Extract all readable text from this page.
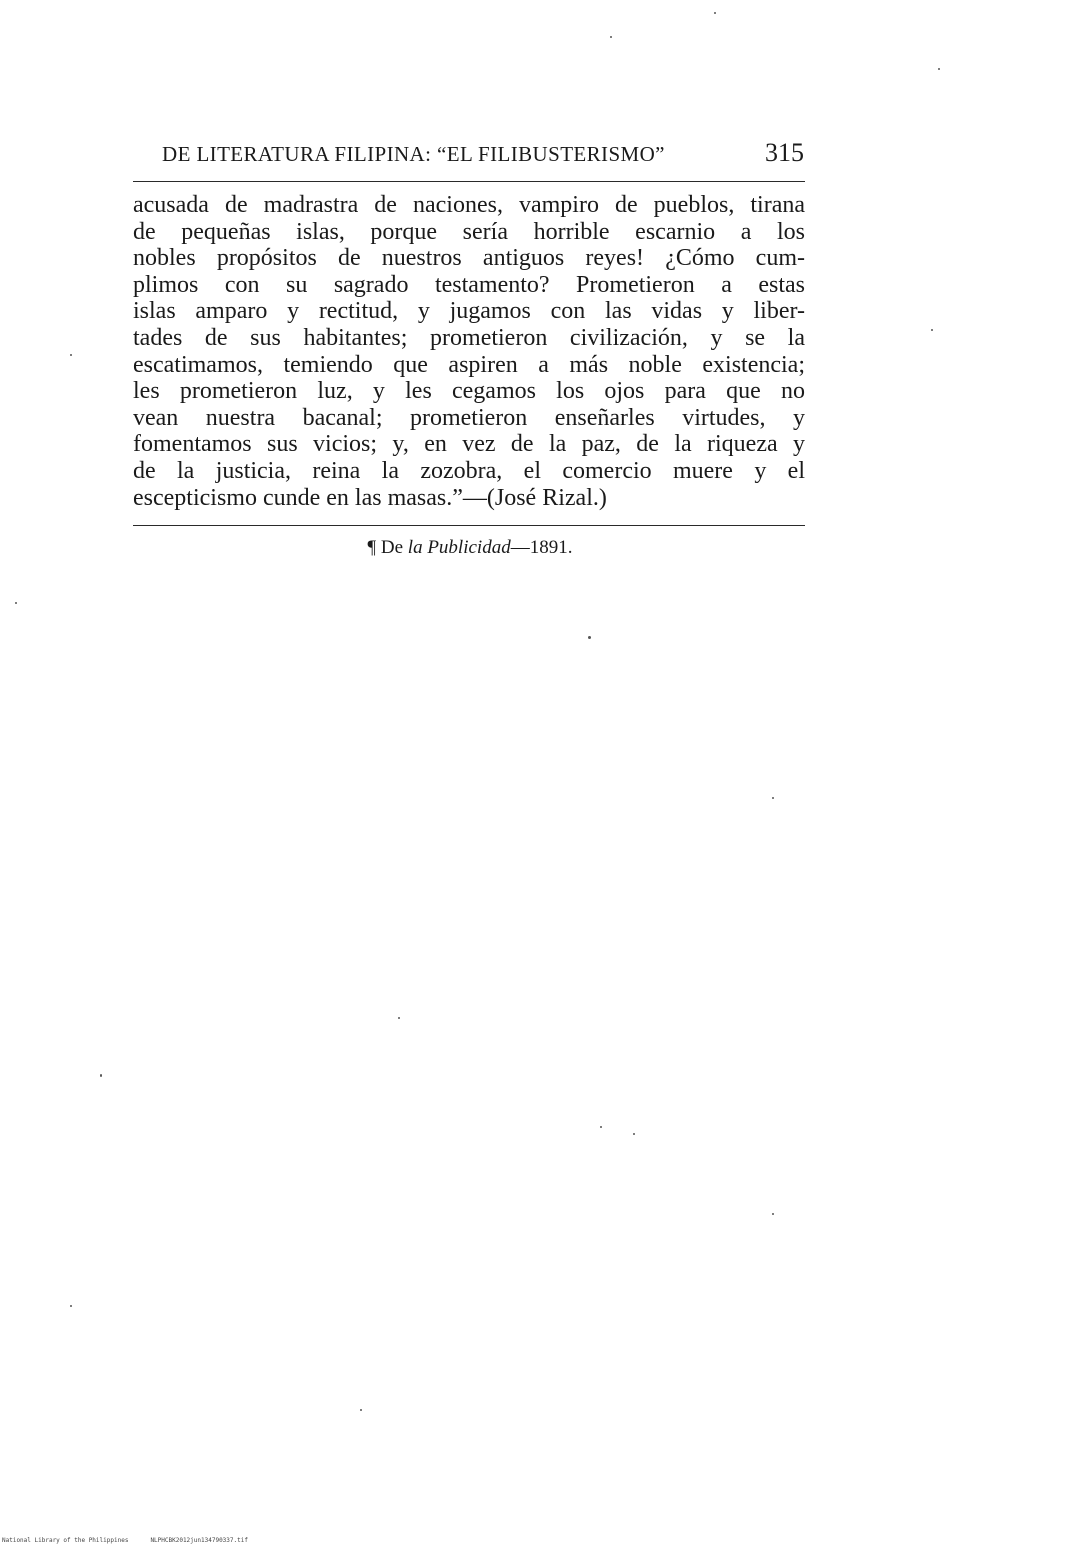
DE LITERATURA FILIPINA: “EL FILIBUSTERISMO”	315
acusada de madrastra de naciones, vampiro de pueblos, tirana
de pequeñas islas, porque sería horrible escarnio a los
nobles propósitos de nuestros antiguos reyes! ¿Cómo cum-
plimos con su sagrado testamento? Prometieron a estas
islas amparo y rectitud, y jugamos con las vidas y liber-
tades de sus habitantes; prometieron civilización, y se la
escatimamos, temiendo que aspiren a más noble existencia;
les prometieron luz, y les cegamos los ojos para que no
vean nuestra bacanal; prometieron enseñarles virtudes, y
fomentamos sus vicios; y, en vez de la paz, de la riqueza y
de la justicia, reina la zozobra, el comercio muere y el
escepticismo cunde en las masas.”—(José Rizal.)
¶ De la Publicidad—1891.
National Library of the Philippines	NLPHCBK2012jun134790337.tif
